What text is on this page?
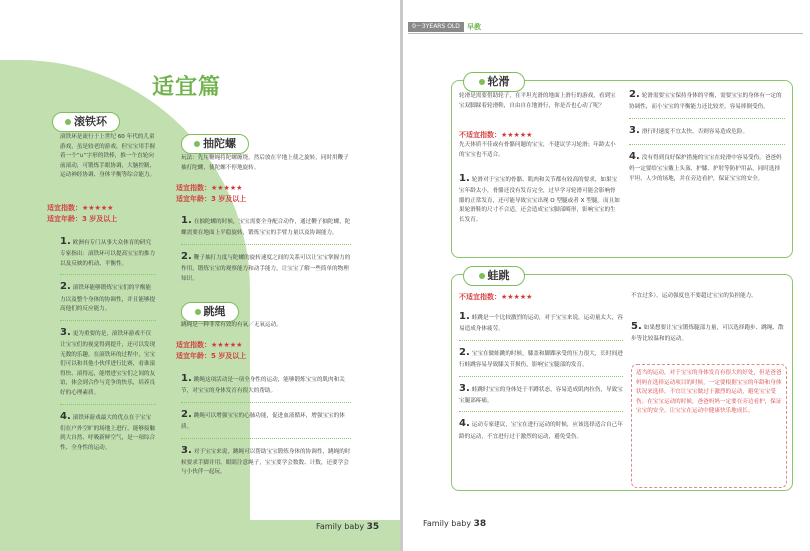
适宜篇
滚铁环
滚铁环是流行于上世纪 60 年代的儿童游戏，虽是较老的游戏，但宝宝用手握着一个“∪”字形的铁棒，推一个直轮向前滚动，可锻炼手眼协调，大脑控制、运动神经协调、身体平衡等综合能力。
适宜指数：★★★★★
适宜年龄：3 岁及以上
1. 欧洲有专门从事大众体育的研究专家指出：滚铁环可以提高宝宝的推力以及反映的机动、平衡性。
2. 滚铁环能够锻炼宝宝们的平衡能力以及整个身体的协调性，并且能够提高他们的反应能力。
3. 更为重要的是，滚铁环游戏不仅让宝宝们的视觉得到提升，还可以发现无数的乐趣。在滚铁环的过程中，宝宝们可以和其他小伙伴进行比赛，看谁滚得快、滚得远，能增进宝宝们之间的友谊，体会到合作与竞争的快乐，培养良好的心理素质。
4. 滚铁环游戏最大的优点在于宝宝们在户外空旷的场地上进行，能够接触到大自然、呼吸新鲜空气，是一项综合性、全身性的运动。
抽陀螺
玩法：先用鞭绳将陀螺缠绕，然后放在平地上使之旋转，同时用鞭子抽打陀螺，使陀螺不停地旋转。
适宜指数：★★★★★
适宜年龄：3 岁及以上
1. 在抽陀螺的时候，宝宝需要全身配合动作，通过鞭子抽陀螺，陀螺需要在地面上平稳旋转，锻炼宝宝的手臂力量以及协调能力。
2. 鞭子抽打力度与陀螺的旋转速度之间的关系可以让宝宝掌握力的作用，锻炼宝宝的观察能力和动手能力，让宝宝了解一些简单的物理知识。
跳绳
跳绳是一种非常有效的有氧／无氧运动。
适宜指数：★★★★★
适宜年龄：5 岁及以上
1. 跳绳这项活动是一项全身性的运动，能够锻炼宝宝的肌肉和关节，对宝宝的身体发育有很大的帮助。
2. 跳绳可以增强宝宝的心肺功能，促进血液循环，增强宝宝的体质。
3. 对于宝宝来说，跳绳可以帮助宝宝锻炼身体的协调性，跳绳的时候要求手脚并用、眼睛注意绳子，宝宝要学会数数、计数，还要学会与小伙伴一起玩。
Family baby 35
0～3YEARS OLD	早教
轮滑
轮滑是需要借助轮子，在平坦光滑的地面上滑行的游戏，看到宝宝双脚踩着轮滑鞋，自由自在地滑行，你是否也心动了呢？
不适宜指数：★★★★★
先天体质不佳或有骨骼问题的宝宝，不建议学习轮滑；年龄太小的宝宝也不适合。
1. 轮滑对于宝宝的骨骼、肌肉和关节都有较高的要求，如果宝宝年龄太小，骨骼还没有发育完全，过早学习轮滑可能会影响骨骼的正常发育，还可能导致宝宝出现 O 型腿或者 X 型腿。而且如果轮滑鞋的尺寸不合适，还会造成宝宝脚部畸形，影响宝宝的生长发育。
2. 轮滑需要宝宝保持身体的平衡，需要宝宝的身体有一定的协调性，而小宝宝的平衡能力还比较差，容易摔倒受伤。
3. 滑行时速度不宜太快，否则容易造成危险。
4. 没有得到良好保护措施的宝宝在轮滑中容易受伤。爸爸妈妈一定要给宝宝戴上头盔、护膝、护肘等防护用品，同时选择平坦、人少的场地，并在旁边看护，保证宝宝的安全。
蛙跳
不适宜指数：★★★★★
1. 蛙跳是一个比较激烈的运动，对于宝宝来说，运动量太大，容易造成身体疲劳。
2. 宝宝在做蛙跳的时候，膝盖和脚踝承受的压力很大，长时间进行蛙跳容易导致膝关节损伤，影响宝宝腿部的发育。
3. 蛙跳时宝宝的身体处于半蹲状态，容易造成肌肉拉伤，导致宝宝腿部疼痛。
4. 运动专家建议，宝宝在进行运动的时候，应该选择适合自己年龄的运动，不宜进行过于激烈的运动，避免受伤。
不宜过多），运动强度也不要超过宝宝的负担能力。
5. 如果想要让宝宝锻炼腿部力量，可以选择跑步、跳绳、散步等比较温和的运动。
适当的运动，对于宝宝的身体发育有很大的好处，但是爸爸妈妈在选择运动项目的时候，一定要根据宝宝的年龄和身体状况来选择，不宜让宝宝做过于激烈的运动，避免宝宝受伤。在宝宝运动的时候，爸爸妈妈一定要在旁边看护，保证宝宝的安全，让宝宝在运动中健康快乐地成长。
Family baby 38
